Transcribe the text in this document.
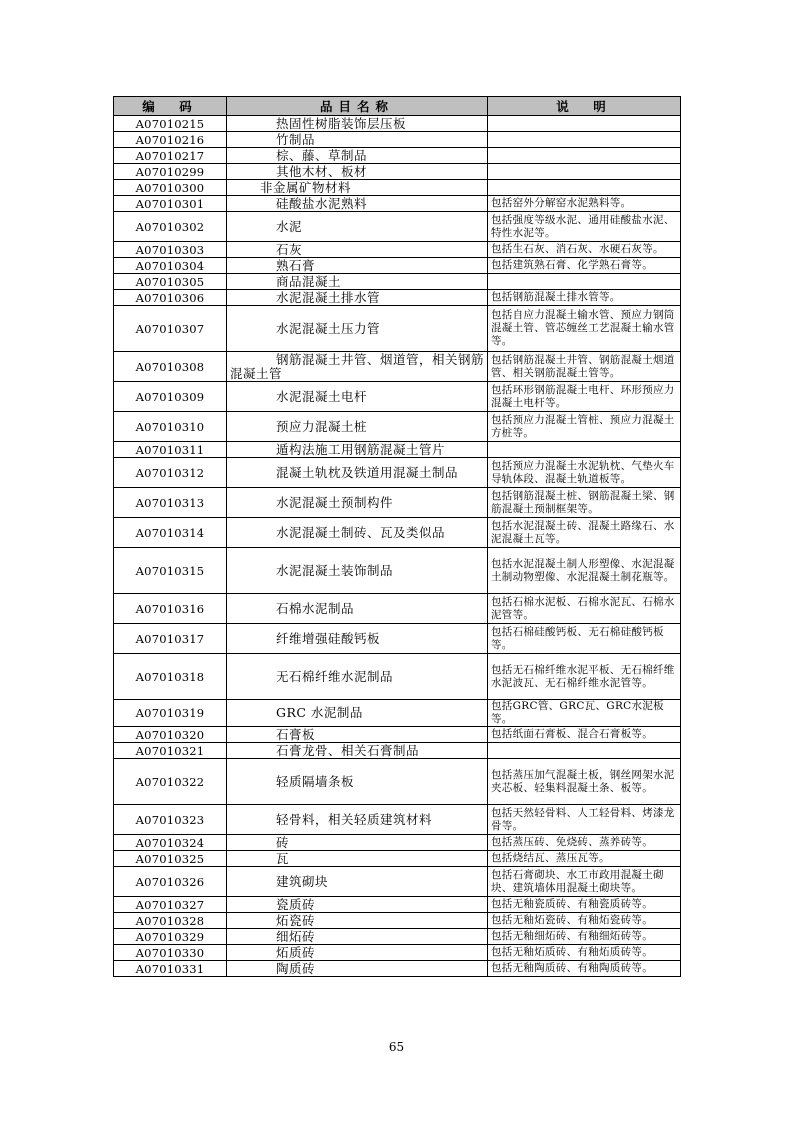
编　码	品目名称	说　明
A07010215	热固性树脂装饰层压板	

A07010216	竹制品	

A07010217	棕、藤、草制品	

A07010299	其他木材、板材	

A07010300	非金属矿物材料	

A07010301	硅酸盐水泥熟料	包括窑外分解窑水泥熟料等。
A07010302	水泥	包括强度等级水泥、通用硅酸盐水泥、特性水泥等。
A07010303	石灰	包括生石灰、消石灰、水硬石灰等。
A07010304	熟石膏	包括建筑熟石膏、化学熟石膏等。
A07010305	商品混凝土	

A07010306	水泥混凝土排水管	包括钢筋混凝土排水管等。
A07010307	水泥混凝土压力管	包括自应力混凝土输水管、预应力钢筒混凝土管、管芯缠丝工艺混凝土输水管等。
A07010308	钢筋混凝土井管、烟道管，相关钢筋混凝土管	包括钢筋混凝土井管、钢筋混凝土烟道管、相关钢筋混凝土管等。
A07010309	水泥混凝土电杆	包括环形钢筋混凝土电杆、环形预应力混凝土电杆等。
A07010310	预应力混凝土桩	包括预应力混凝土管桩、预应力混凝土方桩等。
A07010311	遁构法施工用钢筋混凝土管片	

A07010312	混凝土轨枕及铁道用混凝土制品	包括预应力混凝土水泥轨枕、气垫火车导轨体段、混凝土轨道板等。
A07010313	水泥混凝土预制构件	包括钢筋混凝土桩、钢筋混凝土梁、钢筋混凝土预制框架等。
A07010314	水泥混凝土制砖、瓦及类似品	包括水泥混凝土砖、混凝土路缘石、水泥混凝土瓦等。
A07010315	水泥混凝土装饰制品	包括水泥混凝土制人形塑像、水泥混凝土制动物塑像、水泥混凝土制花瓶等。
A07010316	石棉水泥制品	包括石棉水泥板、石棉水泥瓦、石棉水泥管等。
A07010317	纤维增强硅酸钙板	包括石棉硅酸钙板、无石棉硅酸钙板等。
A07010318	无石棉纤维水泥制品	包括无石棉纤维水泥平板、无石棉纤维水泥波瓦、无石棉纤维水泥管等。
A07010319	GRC 水泥制品	包括GRC管、GRC瓦、GRC水泥板等。
A07010320	石膏板	包括纸面石膏板、混合石膏板等。
A07010321	石膏龙骨、相关石膏制品	

A07010322	轻质隔墙条板	包括蒸压加气混凝土板，钢丝网架水泥夹芯板、轻集料混凝土条、板等。
A07010323	轻骨料，相关轻质建筑材料	包括天然轻骨料、人工轻骨料、烤漆龙骨等。
A07010324	砖	包括蒸压砖、免烧砖、蒸养砖等。
A07010325	瓦	包括烧结瓦、蒸压瓦等。
A07010326	建筑砌块	包括石膏砌块、水工市政用混凝土砌块、建筑墙体用混凝土砌块等。
A07010327	瓷质砖	包括无釉瓷质砖、有釉瓷质砖等。
A07010328	炻瓷砖	包括无釉炻瓷砖、有釉炻瓷砖等。
A07010329	细炻砖	包括无釉细炻砖、有釉细炻砖等。
A07010330	炻质砖	包括无釉炻质砖、有釉炻质砖等。
A07010331	陶质砖	包括无釉陶质砖、有釉陶质砖等。
65
